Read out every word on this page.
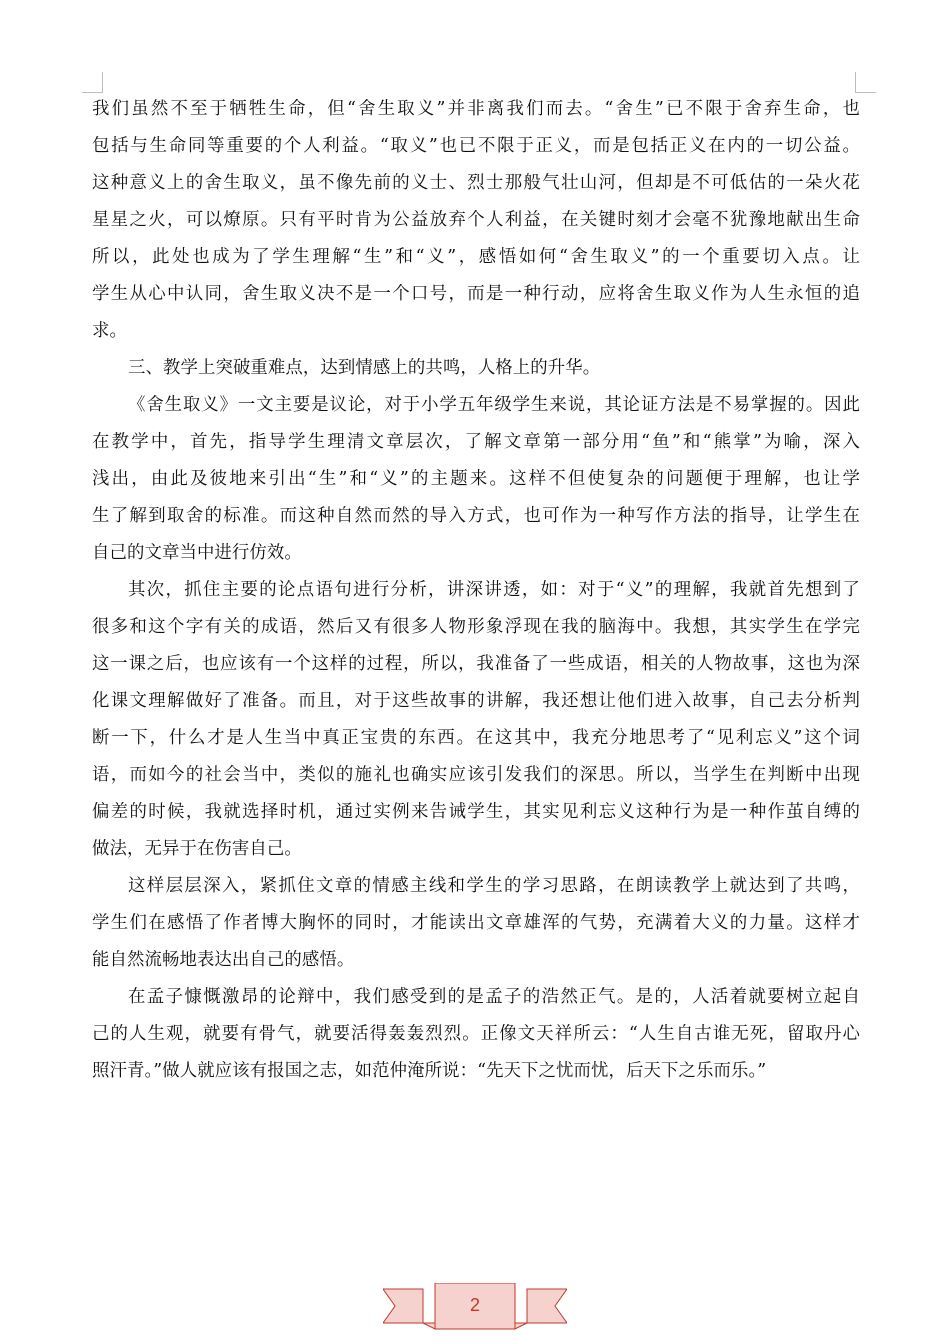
我们虽然不至于牺牲生命，但“舍生取义”并非离我们而去。“舍生”已不限于舍弃生命，也
包括与生命同等重要的个人利益。“取义”也已不限于正义，而是包括正义在内的一切公益。
这种意义上的舍生取义，虽不像先前的义士、烈士那般气壮山河，但却是不可低估的一朵火花
星星之火，可以燎原。只有平时肯为公益放弃个人利益，在关键时刻才会毫不犹豫地献出生命
所以，此处也成为了学生理解“生”和“义”，感悟如何“舍生取义”的一个重要切入点。让
学生从心中认同，舍生取义决不是一个口号，而是一种行动，应将舍生取义作为人生永恒的追
求。
三、教学上突破重难点，达到情感上的共鸣，人格上的升华。
《舍生取义》一文主要是议论，对于小学五年级学生来说，其论证方法是不易掌握的。因此
在教学中，首先，指导学生理清文章层次，了解文章第一部分用“鱼”和“熊掌”为喻，深入
浅出，由此及彼地来引出“生”和“义”的主题来。这样不但使复杂的问题便于理解，也让学
生了解到取舍的标准。而这种自然而然的导入方式，也可作为一种写作方法的指导，让学生在
自己的文章当中进行仿效。
其次，抓住主要的论点语句进行分析，讲深讲透，如：对于“义”的理解，我就首先想到了
很多和这个字有关的成语，然后又有很多人物形象浮现在我的脑海中。我想，其实学生在学完
这一课之后，也应该有一个这样的过程，所以，我准备了一些成语，相关的人物故事，这也为深
化课文理解做好了准备。而且，对于这些故事的讲解，我还想让他们进入故事，自己去分析判
断一下，什么才是人生当中真正宝贵的东西。在这其中，我充分地思考了“见利忘义”这个词
语，而如今的社会当中，类似的施礼也确实应该引发我们的深思。所以，当学生在判断中出现
偏差的时候，我就选择时机，通过实例来告诫学生，其实见利忘义这种行为是一种作茧自缚的
做法，无异于在伤害自己。
这样层层深入，紧抓住文章的情感主线和学生的学习思路，在朗读教学上就达到了共鸣，
学生们在感悟了作者博大胸怀的同时，才能读出文章雄浑的气势，充满着大义的力量。这样才
能自然流畅地表达出自己的感悟。
在孟子慷慨激昂的论辩中，我们感受到的是孟子的浩然正气。是的，人活着就要树立起自
己的人生观，就要有骨气，就要活得轰轰烈烈。正像文天祥所云：“人生自古谁无死，留取丹心
照汗青。”做人就应该有报国之志，如范仲淹所说：“先天下之忧而忧，后天下之乐而乐。”
2
